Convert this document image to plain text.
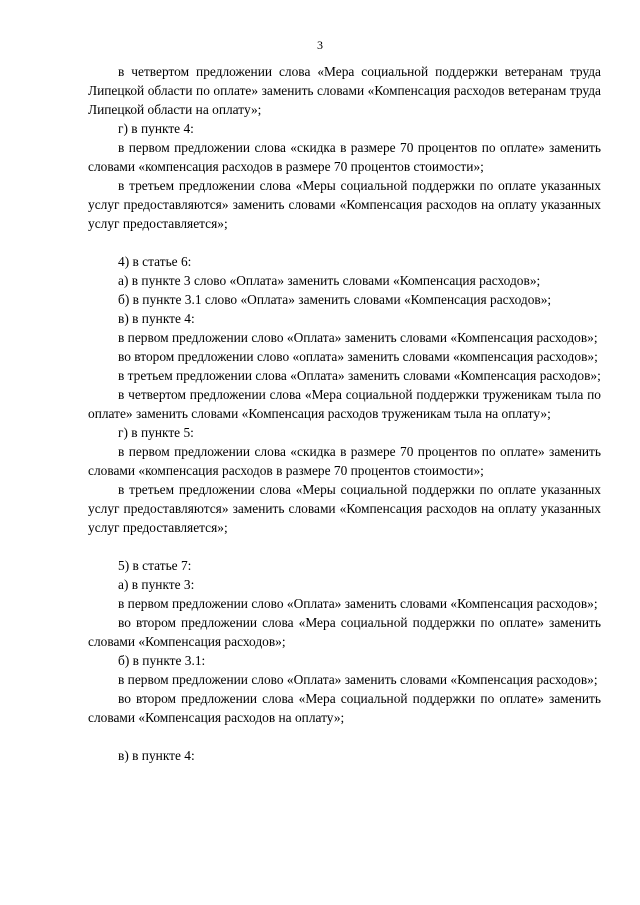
3

в четвертом предложении слова «Мера социальной поддержки ветеранам труда Липецкой области по оплате» заменить словами «Компенсация расходов ветеранам труда Липецкой области на оплату»;

г) в пункте 4:

в первом предложении слова «скидка в размере 70 процентов по оплате» заменить словами «компенсация расходов в размере 70 процентов стоимости»;

в третьем предложении слова «Меры социальной поддержки по оплате указанных услуг предоставляются» заменить словами «Компенсация расходов на оплату указанных услуг предоставляется»;

4) в статье 6:

а) в пункте 3 слово «Оплата» заменить словами «Компенсация расходов»;

б) в пункте 3.1 слово «Оплата» заменить словами «Компенсация расходов»;

в) в пункте 4:

в первом предложении слово «Оплата» заменить словами «Компенсация расходов»;

во втором предложении слово «оплата» заменить словами «компенсация расходов»;

в третьем предложении слова «Оплата» заменить словами «Компенсация расходов»;

в четвертом предложении слова «Мера социальной поддержки труженикам тыла по оплате» заменить словами «Компенсация расходов труженикам тыла на оплату»;

г) в пункте 5:

в первом предложении слова «скидка в размере 70 процентов по оплате» заменить словами «компенсация расходов в размере 70 процентов стоимости»;

в третьем предложении слова «Меры социальной поддержки по оплате указанных услуг предоставляются» заменить словами «Компенсация расходов на оплату указанных услуг предоставляется»;

5) в статье 7:

а) в пункте 3:

в первом предложении слово «Оплата» заменить словами «Компенсация расходов»;

во втором предложении слова «Мера социальной поддержки по оплате» заменить словами «Компенсация расходов»;

б) в пункте 3.1:

в первом предложении слово «Оплата» заменить словами «Компенсация расходов»;

во втором предложении слова «Мера социальной поддержки по оплате» заменить словами «Компенсация расходов на оплату»;

в) в пункте 4:
